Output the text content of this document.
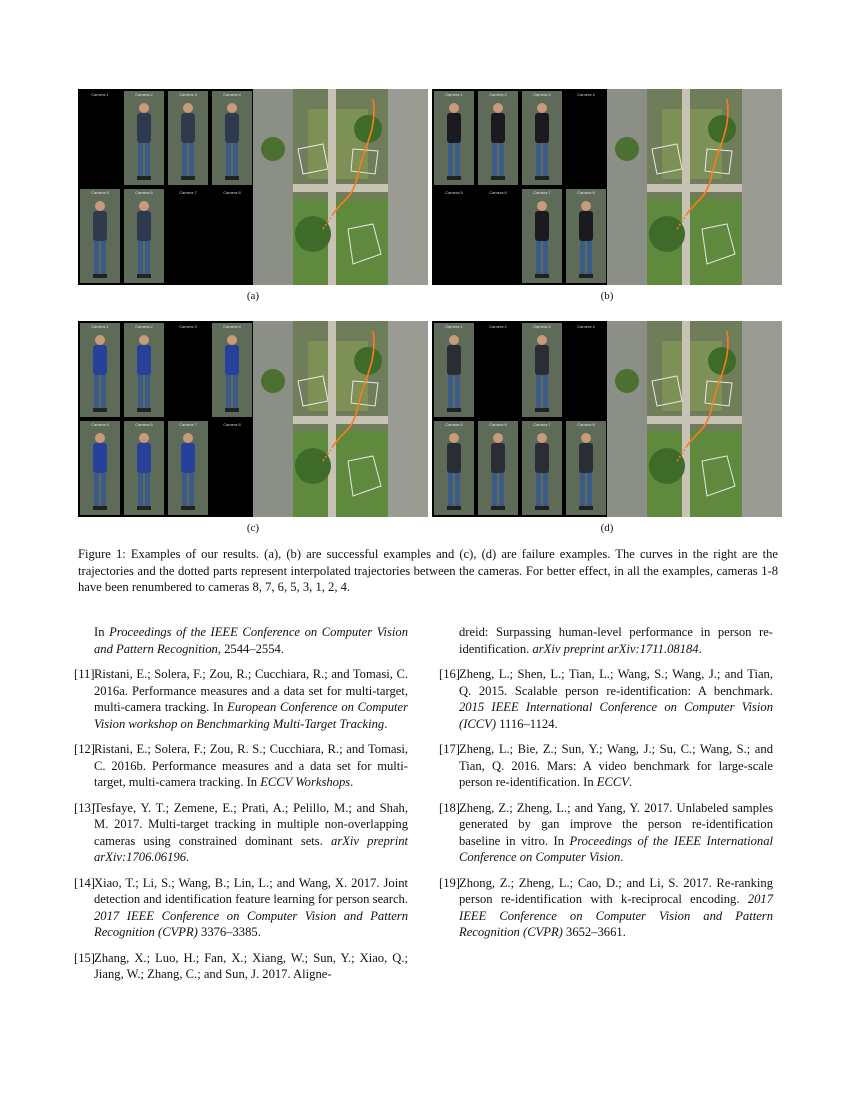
Camera 1	Camera 2	Camera 3	Camera 4
Camera 5	Camera 6	Camera 7	Camera 8
Camera 1	Camera 2	Camera 3	Camera 4
Camera 5	Camera 6	Camera 7	Camera 8
Camera 1	Camera 2	Camera 3	Camera 4
Camera 5	Camera 6	Camera 7	Camera 8
Camera 1	Camera 2	Camera 3	Camera 4
Camera 5	Camera 6	Camera 7	Camera 8
(a)	(b)
(c)	(d)
Figure 1: Examples of our results. (a), (b) are successful examples and (c), (d) are failure examples. The curves in the right are the trajectories and the dotted parts represent interpolated trajectories between the cameras. For better effect, in all the examples, cameras 1-8 have been renumbered to cameras 8, 7, 6, 5, 3, 1, 2, 4.
In Proceedings of the IEEE Conference on Computer Vision and Pattern Recognition, 2544–2554.
[11] Ristani, E.; Solera, F.; Zou, R.; Cucchiara, R.; and Tomasi, C. 2016a. Performance measures and a data set for multi-target, multi-camera tracking. In European Conference on Computer Vision workshop on Benchmarking Multi-Target Tracking.
[12] Ristani, E.; Solera, F.; Zou, R. S.; Cucchiara, R.; and Tomasi, C. 2016b. Performance measures and a data set for multi-target, multi-camera tracking. In ECCV Workshops.
[13] Tesfaye, Y. T.; Zemene, E.; Prati, A.; Pelillo, M.; and Shah, M. 2017. Multi-target tracking in multiple non-overlapping cameras using constrained dominant sets. arXiv preprint arXiv:1706.06196.
[14] Xiao, T.; Li, S.; Wang, B.; Lin, L.; and Wang, X. 2017. Joint detection and identification feature learning for person search. 2017 IEEE Conference on Computer Vision and Pattern Recognition (CVPR) 3376–3385.
[15] Zhang, X.; Luo, H.; Fan, X.; Xiang, W.; Sun, Y.; Xiao, Q.; Jiang, W.; Zhang, C.; and Sun, J. 2017. Aligne-
dreid: Surpassing human-level performance in person re-identification. arXiv preprint arXiv:1711.08184.
[16] Zheng, L.; Shen, L.; Tian, L.; Wang, S.; Wang, J.; and Tian, Q. 2015. Scalable person re-identification: A benchmark. 2015 IEEE International Conference on Computer Vision (ICCV) 1116–1124.
[17] Zheng, L.; Bie, Z.; Sun, Y.; Wang, J.; Su, C.; Wang, S.; and Tian, Q. 2016. Mars: A video benchmark for large-scale person re-identification. In ECCV.
[18] Zheng, Z.; Zheng, L.; and Yang, Y. 2017. Unlabeled samples generated by gan improve the person re-identification baseline in vitro. In Proceedings of the IEEE International Conference on Computer Vision.
[19] Zhong, Z.; Zheng, L.; Cao, D.; and Li, S. 2017. Re-ranking person re-identification with k-reciprocal encoding. 2017 IEEE Conference on Computer Vision and Pattern Recognition (CVPR) 3652–3661.
